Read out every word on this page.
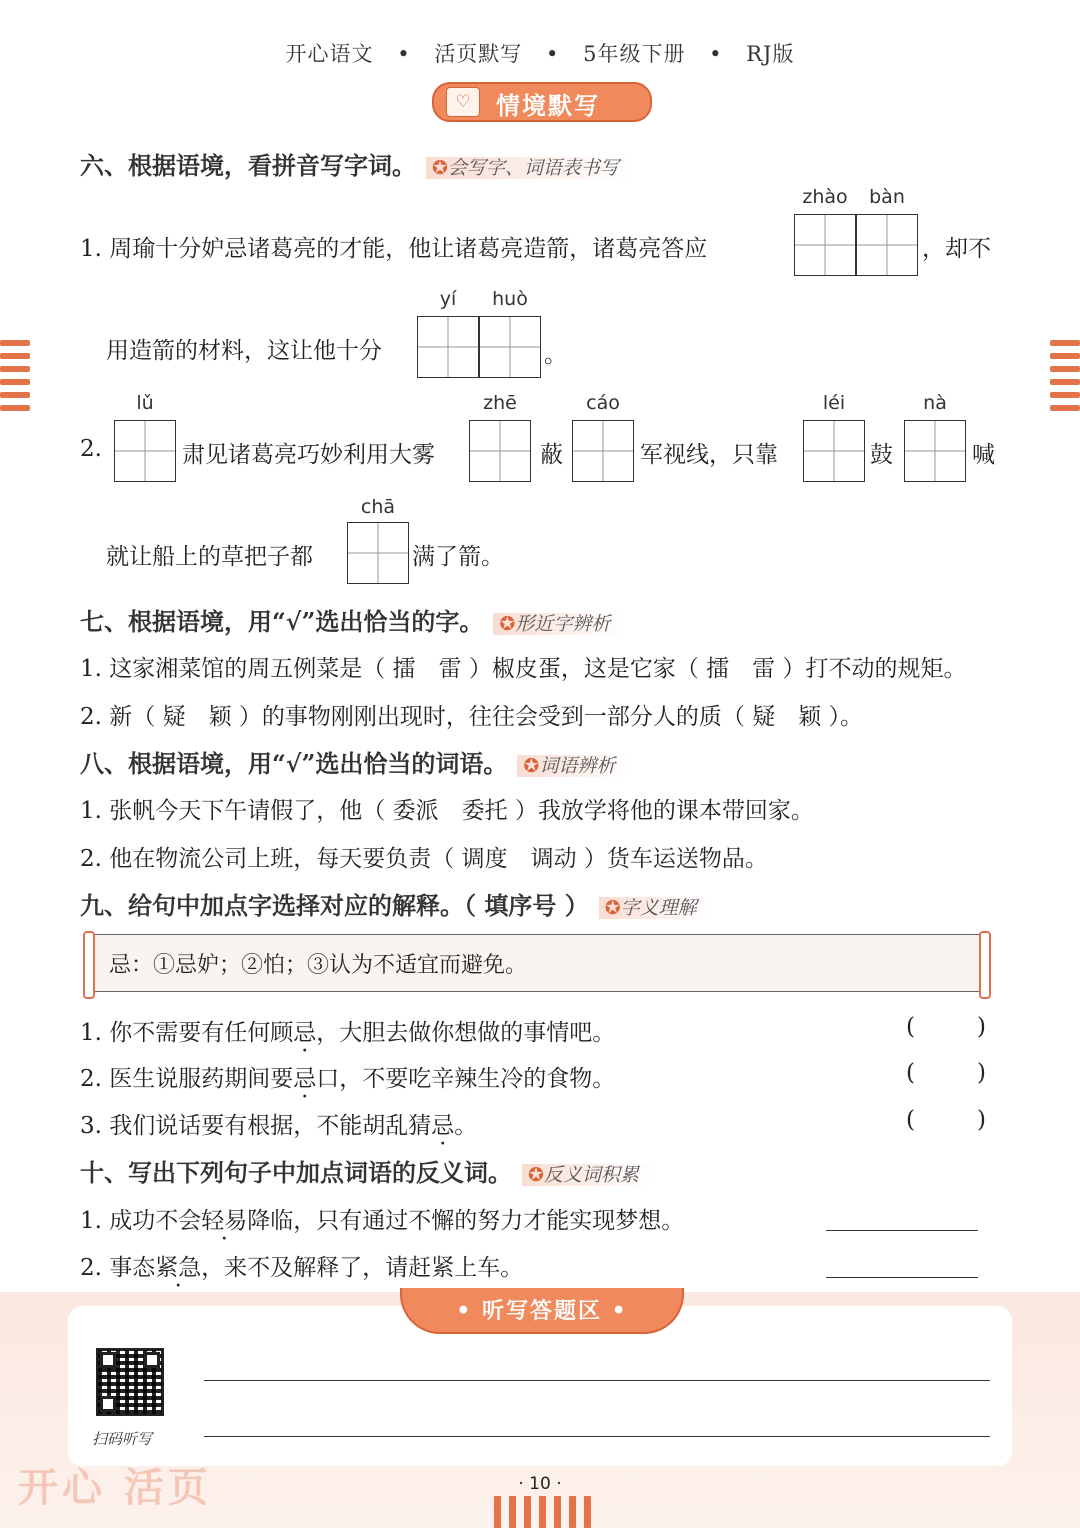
开心语文 • 活页默写 • 5年级下册 • RJ版
♡	情境默写
六、根据语境，看拼音写字词。 ✪会写字、词语表书写
1. 周瑜十分妒忌诸葛亮的才能，他让诸葛亮造箭，诸葛亮答应
zhào	bàn
，却不
用造箭的材料，这让他十分
yí	huò
。
2.
lǔ
肃见诸葛亮巧妙利用大雾
zhē
蔽
cáo
军视线，只靠
léi
鼓
nà
喊
就让船上的草把子都
chā
满了箭。
七、根据语境，用“√”选出恰当的字。 ✪形近字辨析
1. 这家湘菜馆的周五例菜是（ 擂　雷 ）椒皮蛋，这是它家（ 擂　雷 ）打不动的规矩。
2. 新（ 疑　颖 ）的事物刚刚出现时，往往会受到一部分人的质（ 疑　颖 ）。
八、根据语境，用“√”选出恰当的词语。 ✪词语辨析
1. 张帆今天下午请假了，他（ 委派　委托 ）我放学将他的课本带回家。
2. 他在物流公司上班，每天要负责（ 调度　调动 ）货车运送物品。
九、给句中加点字选择对应的解释。（ 填序号 ） ✪字义理解
忌：①忌妒；②怕；③认为不适宜而避免。
1. 你不需要有任何顾忌，大胆去做你想做的事情吧。	(	)
2. 医生说服药期间要忌口，不要吃辛辣生冷的食物。	(	)
3. 我们说话要有根据，不能胡乱猜忌。	(	)
十、写出下列句子中加点词语的反义词。 ✪反义词积累
1. 成功不会轻易降临，只有通过不懈的努力才能实现梦想。
2. 事态紧急，来不及解释了，请赶紧上车。
• 听写答题区 •
扫码听写
开心 活页	· 10 ·
